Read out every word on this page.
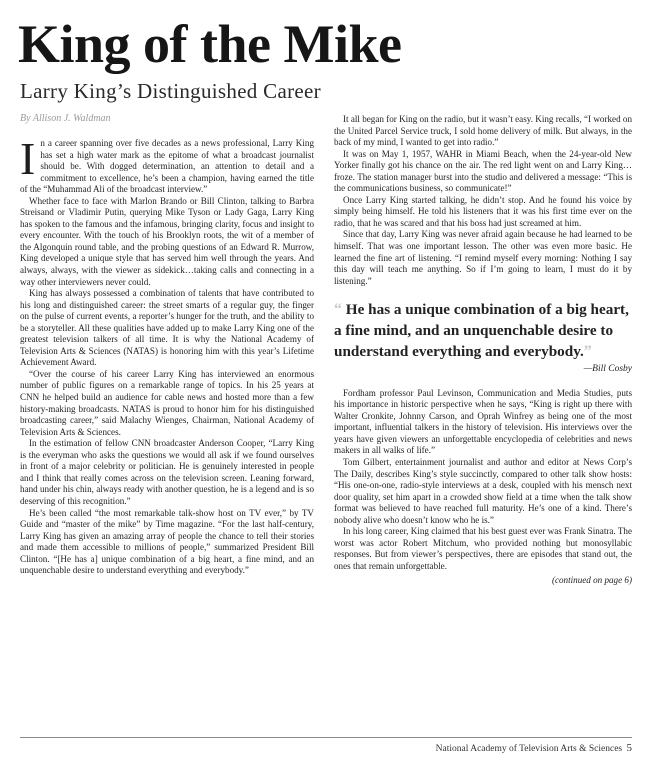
King of the Mike
Larry King’s Distinguished Career
By Allison J. Waldman

In a career spanning over five decades as a news professional, Larry King has set a high water mark as the epitome of what a broadcast journalist should be. With dogged determination, an attention to detail and a commitment to excellence, he’s been a champion, having earned the title of the “Muhammad Ali of the broadcast interview.”

Whether face to face with Marlon Brando or Bill Clinton, talking to Barbra Streisand or Vladimir Putin, querying Mike Tyson or Lady Gaga, Larry King has spoken to the famous and the infamous, bringing clarity, focus and insight to every encounter. With the touch of his Brooklyn roots, the wit of a member of the Algonquin round table, and the probing questions of an Edward R. Murrow, King developed a unique style that has served him well through the years. And always, always, with the viewer as sidekick…taking calls and connecting in a way other interviewers never could.

King has always possessed a combination of talents that have contributed to his long and distinguished career: the street smarts of a regular guy, the finger on the pulse of current events, a reporter’s hunger for the truth, and the ability to be a storyteller. All these qualities have added up to make Larry King one of the greatest television talkers of all time. It is why the National Academy of Television Arts & Sciences (NATAS) is honoring him with this year’s Lifetime Achievement Award.

“Over the course of his career Larry King has interviewed an enormous number of public figures on a remarkable range of topics. In his 25 years at CNN he helped build an audience for cable news and hosted more than a few history-making broadcasts. NATAS is proud to honor him for his distinguished broadcasting career,” said Malachy Wienges, Chairman, National Academy of Television Arts & Sciences.

In the estimation of fellow CNN broadcaster Anderson Cooper, “Larry King is the everyman who asks the questions we would all ask if we found ourselves in front of a major celebrity or politician. He is genuinely interested in people and I think that really comes across on the television screen. Leaning forward, hand under his chin, always ready with another question, he is a legend and is so deserving of this recognition.”

He’s been called “the most remarkable talk-show host on TV ever,” by TV Guide and “master of the mike” by Time magazine. “For the last half-century, Larry King has given an amazing array of people the chance to tell their stories and made them accessible to millions of people,” summarized President Bill Clinton. “[He has a] unique combination of a big heart, a fine mind, and an unquenchable desire to understand everything and everybody.”

It all began for King on the radio, but it wasn’t easy. King recalls, “I worked on the United Parcel Service truck, I sold home delivery of milk. But always, in the back of my mind, I wanted to get into radio.”

It was on May 1, 1957, WAHR in Miami Beach, when the 24-year-old New Yorker finally got his chance on the air. The red light went on and Larry King…froze. The station manager burst into the studio and delivered a message: “This is the communications business, so communicate!”

Once Larry King started talking, he didn’t stop. And he found his voice by simply being himself. He told his listeners that it was his first time ever on the radio, that he was scared and that his boss had just screamed at him.

Since that day, Larry King was never afraid again because he had learned to be himself. That was one important lesson. The other was even more basic. He learned the fine art of listening. “I remind myself every morning: Nothing I say this day will teach me anything. So if I’m going to learn, I must do it by listening.”

“ He has a unique combination of a big heart, a fine mind, and an unquenchable desire to understand everything and everybody.”
—Bill Cosby

Fordham professor Paul Levinson, Communication and Media Studies, puts his importance in historic perspective when he says, “King is right up there with Walter Cronkite, Johnny Carson, and Oprah Winfrey as being one of the most important, influential talkers in the history of television. His interviews over the years have given viewers an unforgettable encyclopedia of celebrities and news makers in all walks of life.”

Tom Gilbert, entertainment journalist and author and editor at News Corp’s The Daily, describes King’s style succinctly, compared to other talk show hosts: “His one-on-one, radio-style interviews at a desk, coupled with his mensch next door quality, set him apart in a crowded show field at a time when the talk show format was believed to have reached full maturity. He’s one of a kind. There’s nobody alive who doesn’t know who he is.”

In his long career, King claimed that his best guest ever was Frank Sinatra. The worst was actor Robert Mitchum, who provided nothing but monosyllabic responses. But from viewer’s perspectives, there are episodes that stand out, the ones that remain unforgettable.

(continued on page 6)
National Academy of Television Arts & Sciences 5
